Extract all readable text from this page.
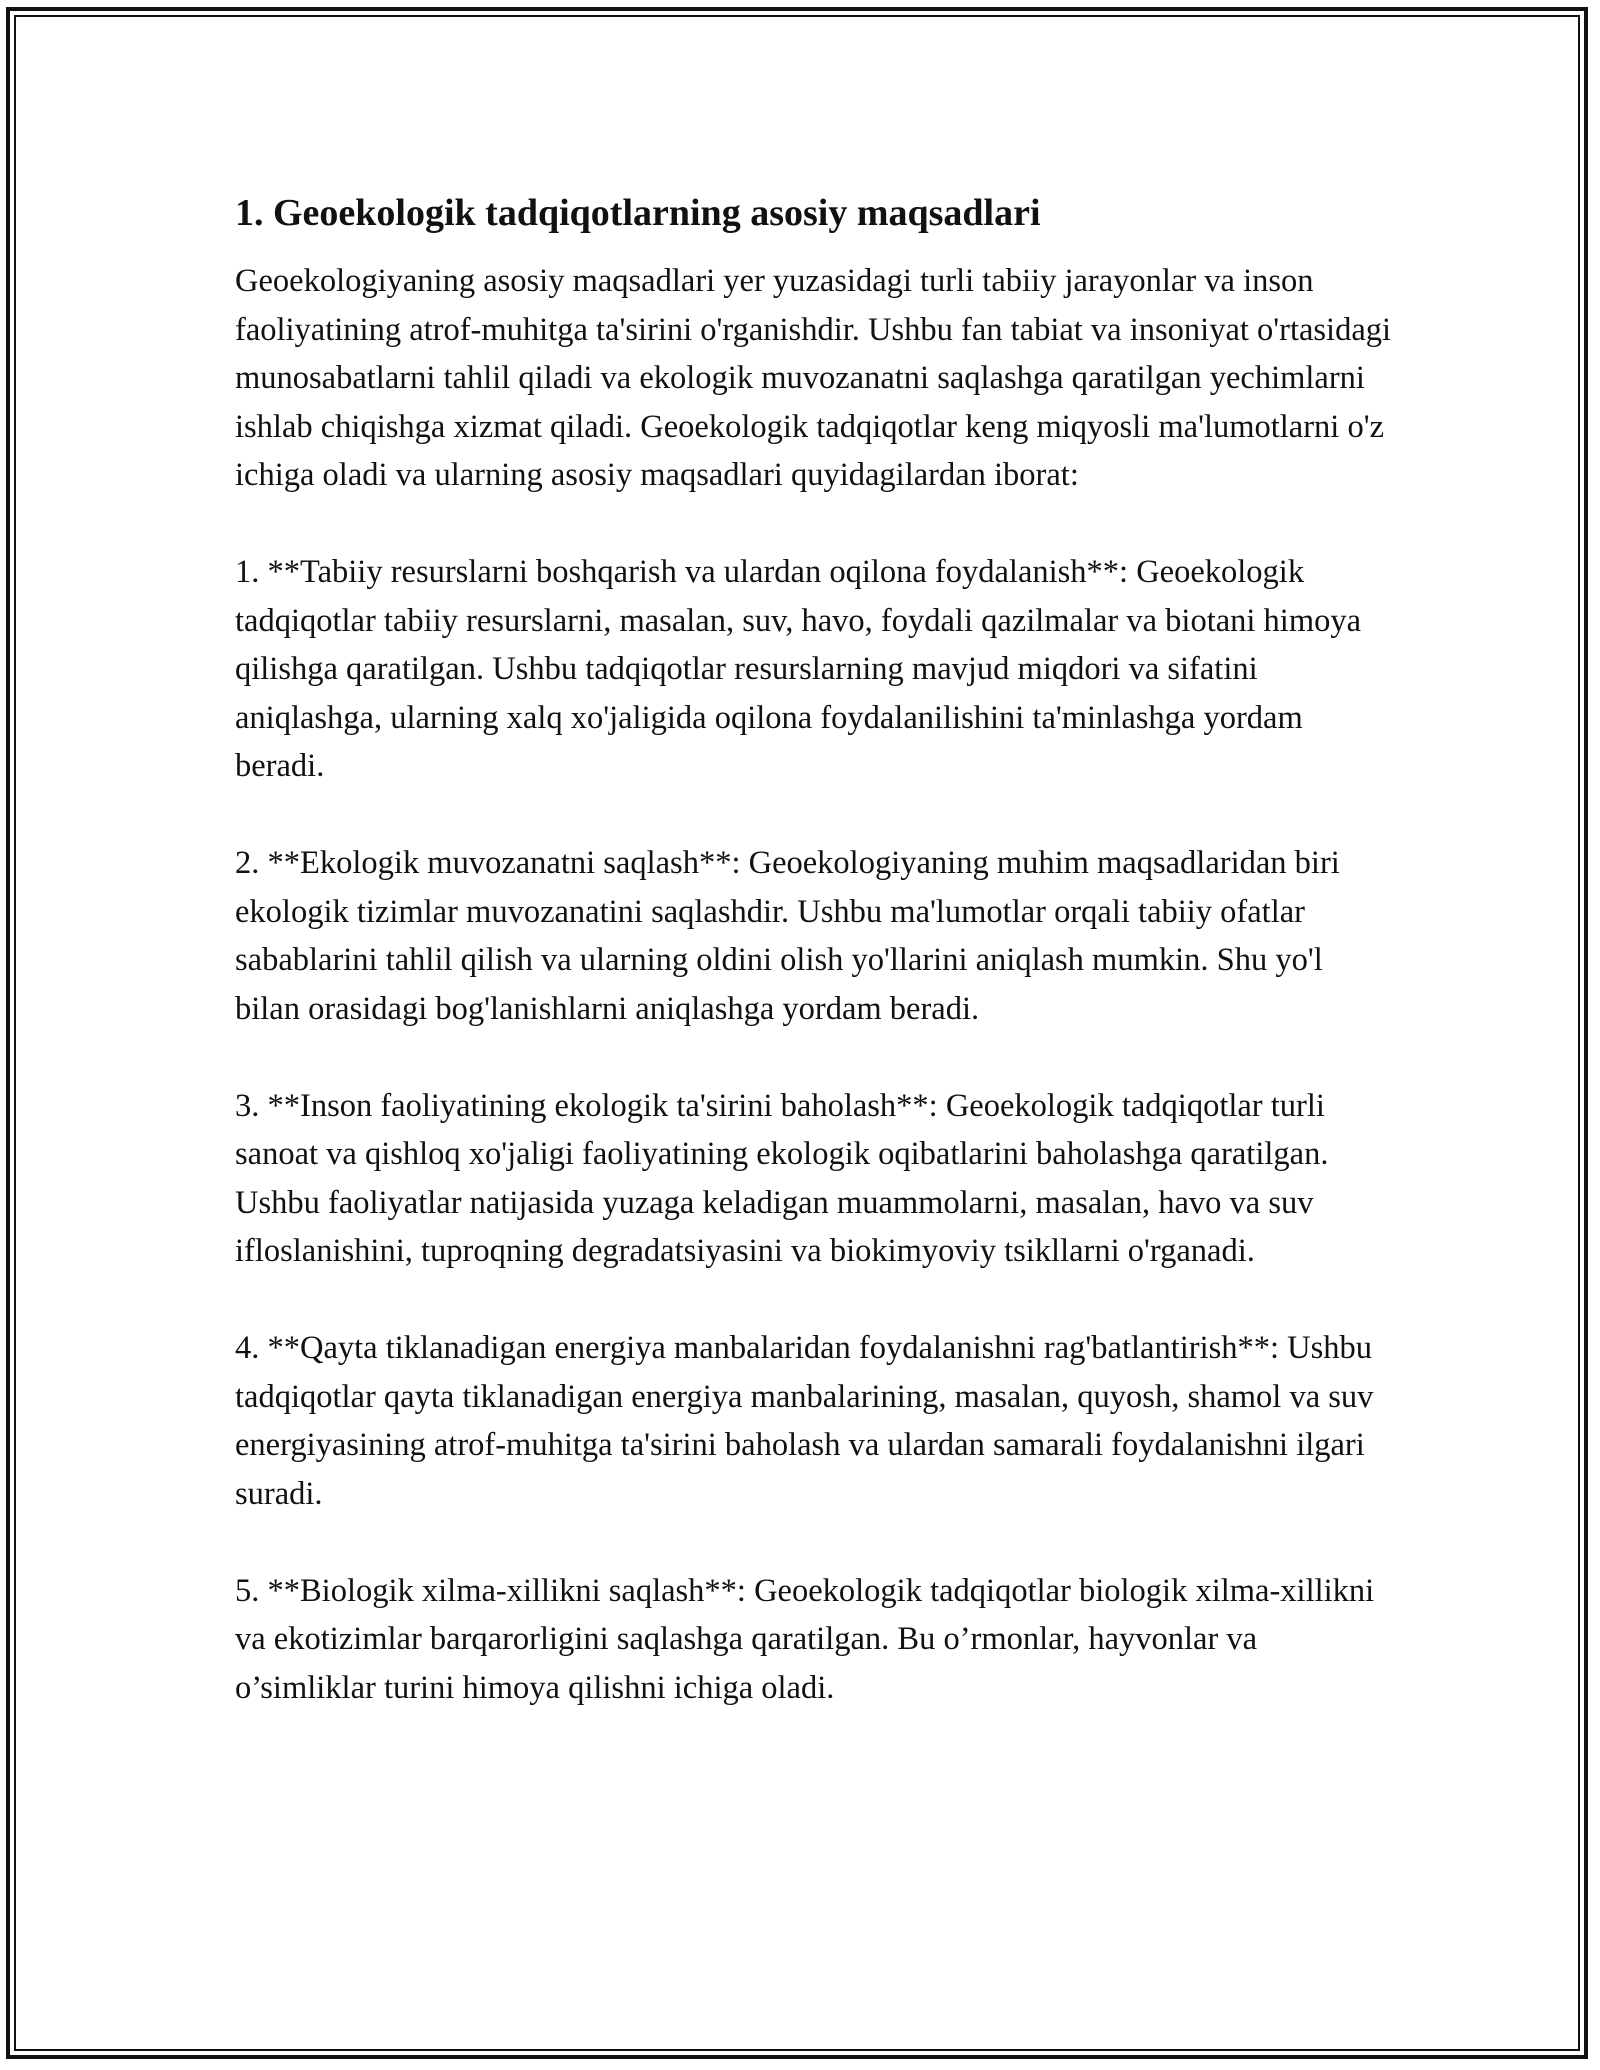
1. Geoekologik tadqiqotlarning asosiy maqsadlari

Geoekologiyaning asosiy maqsadlari yer yuzasidagi turli tabiiy jarayonlar va inson faoliyatining atrof-muhitga ta'sirini o'rganishdir. Ushbu fan tabiat va insoniyat o'rtasidagi munosabatlarni tahlil qiladi va ekologik muvozanatni saqlashga qaratilgan yechimlarni ishlab chiqishga xizmat qiladi. Geoekologik tadqiqotlar keng miqyosli ma'lumotlarni o'z ichiga oladi va ularning asosiy maqsadlari quyidagilardan iborat:

1. **Tabiiy resurslarni boshqarish va ulardan oqilona foydalanish**: Geoekologik tadqiqotlar tabiiy resurslarni, masalan, suv, havo, foydali qazilmalar va biotani himoya qilishga qaratilgan. Ushbu tadqiqotlar resurslarning mavjud miqdori va sifatini aniqlashga, ularning xalq xo'jaligida oqilona foydalanilishini ta'minlashga yordam beradi.

2. **Ekologik muvozanatni saqlash**: Geoekologiyaning muhim maqsadlaridan biri ekologik tizimlar muvozanatini saqlashdir. Ushbu ma'lumotlar orqali tabiiy ofatlar sabablarini tahlil qilish va ularning oldini olish yo'llarini aniqlash mumkin. Shu yo'l bilan orasidagi bog'lanishlarni aniqlashga yordam beradi.

3. **Inson faoliyatining ekologik ta'sirini baholash**: Geoekologik tadqiqotlar turli sanoat va qishloq xo'jaligi faoliyatining ekologik oqibatlarini baholashga qaratilgan. Ushbu faoliyatlar natijasida yuzaga keladigan muammolarni, masalan, havo va suv ifloslanishini, tuproqning degradatsiyasini va biokimyoviy tsikllarni o'rganadi.

4. **Qayta tiklanadigan energiya manbalaridan foydalanishni rag'batlantirish**: Ushbu tadqiqotlar qayta tiklanadigan energiya manbalarining, masalan, quyosh, shamol va suv energiyasining atrof-muhitga ta'sirini baholash va ulardan samarali foydalanishni ilgari suradi.

5. **Biologik xilma-xillikni saqlash**: Geoekologik tadqiqotlar biologik xilma-xillikni va ekotizimlar barqarorligini saqlashga qaratilgan. Bu o’rmonlar, hayvonlar va o’simliklar turini himoya qilishni ichiga oladi.
